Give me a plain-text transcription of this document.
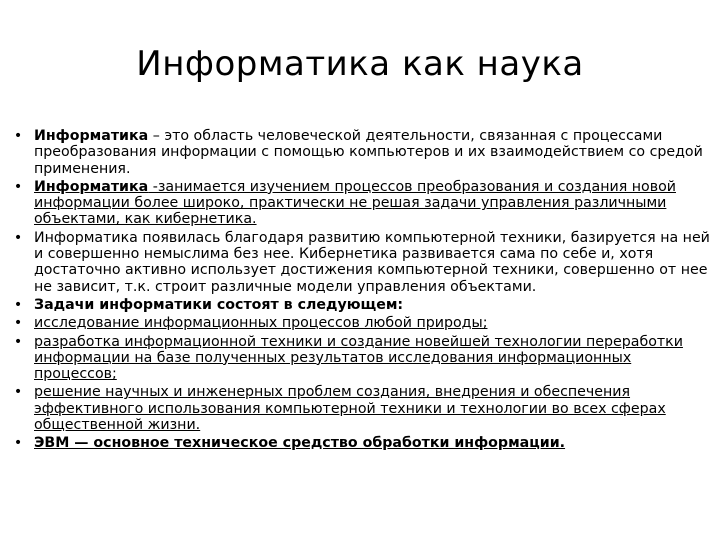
Информатика как наука
• Информатика – это область человеческой деятельности, связанная с процессами преобразования информации с помощью компьютеров и их взаимодействием со средой применения.
• Информатика -занимается изучением процессов преобразования и создания новой информации более широко, практически не решая задачи управления различными объектами, как кибернетика.
• Информатика появилась благодаря развитию компьютерной техники, базируется на ней и совершенно немыслима без нее. Кибернетика развивается сама по себе и, хотя достаточно активно использует достижения компьютерной техники, совершенно от нее не зависит, т.к. строит различные модели управления объектами.
• Задачи информатики состоят в следующем:
• исследование информационных процессов любой природы;
• разработка информационной техники и создание новейшей технологии переработки информации на базе полученных результатов исследования информационных процессов;
• решение научных и инженерных проблем создания, внедрения и обеспечения эффективного использования компьютерной техники и технологии во всех сферах общественной жизни.
• ЭВМ — основное техническое средство обработки информации.
